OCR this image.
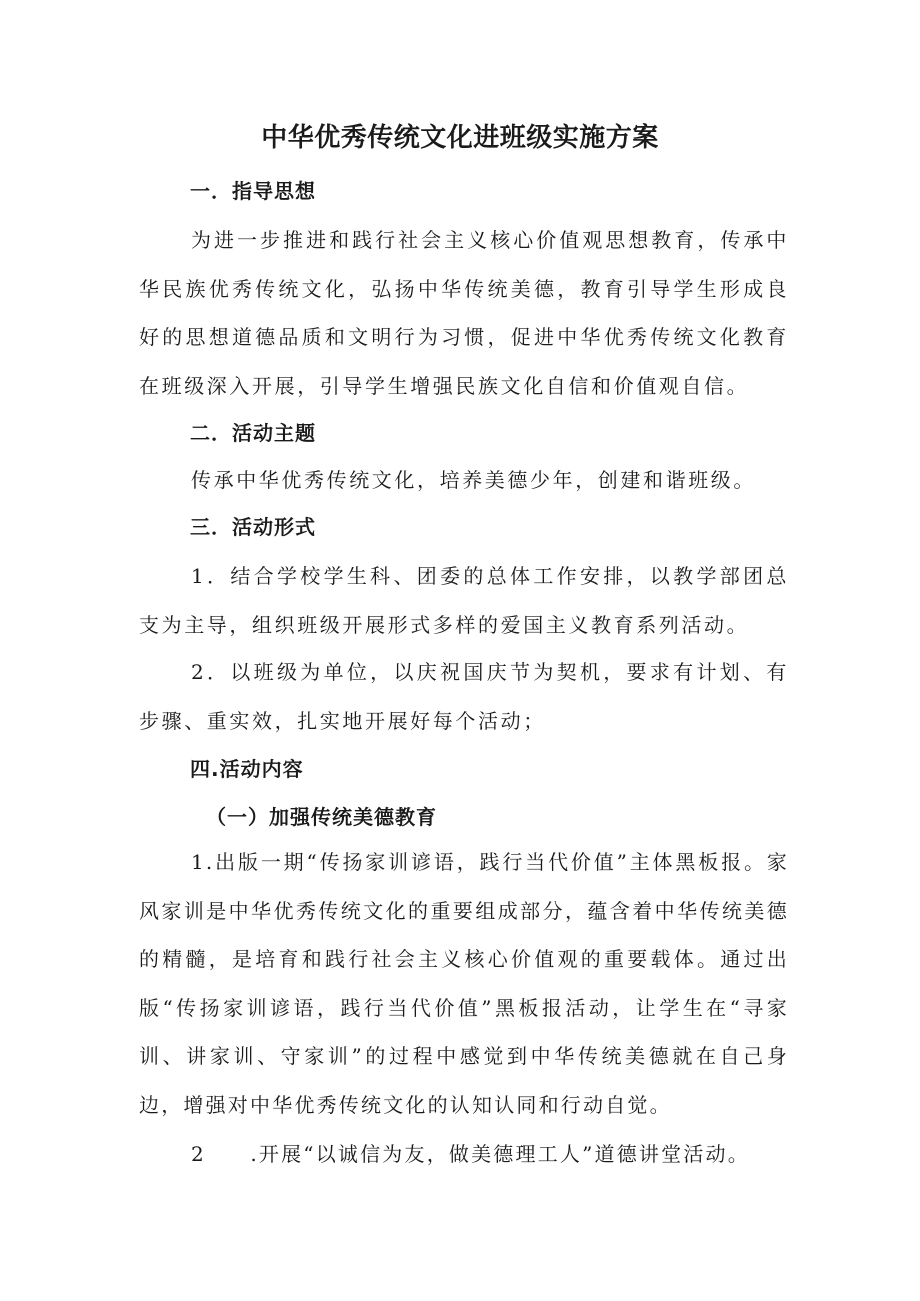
中华优秀传统文化进班级实施方案
一．指导思想

为进一步推进和践行社会主义核心价值观思想教育，传承中华民族优秀传统文化，弘扬中华传统美德，教育引导学生形成良好的思想道德品质和文明行为习惯，促进中华优秀传统文化教育在班级深入开展，引导学生增强民族文化自信和价值观自信。

二．活动主题

传承中华优秀传统文化，培养美德少年，创建和谐班级。

三．活动形式

1．结合学校学生科、团委的总体工作安排，以教学部团总支为主导，组织班级开展形式多样的爱国主义教育系列活动。

2．以班级为单位，以庆祝国庆节为契机，要求有计划、有步骤、重实效，扎实地开展好每个活动；

四.活动内容
（一）加强传统美德教育

1.出版一期“传扬家训谚语，践行当代价值”主体黑板报。家风家训是中华优秀传统文化的重要组成部分，蕴含着中华传统美德的精髓，是培育和践行社会主义核心价值观的重要载体。通过出版“传扬家训谚语，践行当代价值”黑板报活动，让学生在“寻家训、讲家训、守家训”的过程中感觉到中华传统美德就在自己身边，增强对中华优秀传统文化的认知认同和行动自觉。

2　　.开展“以诚信为友，做美德理工人”道德讲堂活动。
